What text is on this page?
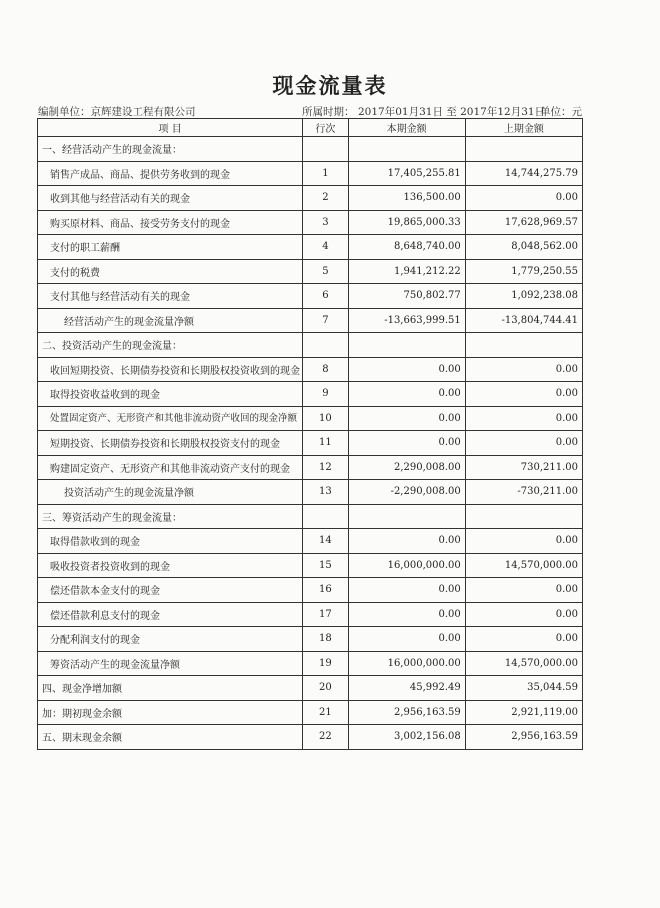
现金流量表
编制单位：京辉建设工程有限公司	所属时期： 2017年01月31日 至 2017年12月31日
单位：元
项 目	行次	本期金额	上期金额
一、经营活动产生的现金流量：			
销售产成品、商品、提供劳务收到的现金	1	17,405,255.81	14,744,275.79
收到其他与经营活动有关的现金	2	136,500.00	0.00
购买原材料、商品、接受劳务支付的现金	3	19,865,000.33	17,628,969.57
支付的职工薪酬	4	8,648,740.00	8,048,562.00
支付的税费	5	1,941,212.22	1,779,250.55
支付其他与经营活动有关的现金	6	750,802.77	1,092,238.08
经营活动产生的现金流量净额	7	-13,663,999.51	-13,804,744.41
二、投资活动产生的现金流量：			
收回短期投资、长期债券投资和长期股权投资收到的现金	8	0.00	0.00
取得投资收益收到的现金	9	0.00	0.00
处置固定资产、无形资产和其他非流动资产收回的现金净额	10	0.00	0.00
短期投资、长期债券投资和长期股权投资支付的现金	11	0.00	0.00
购建固定资产、无形资产和其他非流动资产支付的现金	12	2,290,008.00	730,211.00
投资活动产生的现金流量净额	13	-2,290,008.00	-730,211.00
三、筹资活动产生的现金流量：			
取得借款收到的现金	14	0.00	0.00
吸收投资者投资收到的现金	15	16,000,000.00	14,570,000.00
偿还借款本金支付的现金	16	0.00	0.00
偿还借款利息支付的现金	17	0.00	0.00
分配利润支付的现金	18	0.00	0.00
筹资活动产生的现金流量净额	19	16,000,000.00	14,570,000.00
四、现金净增加额	20	45,992.49	35,044.59
加：期初现金余额	21	2,956,163.59	2,921,119.00
五、期末现金余额	22	3,002,156.08	2,956,163.59
